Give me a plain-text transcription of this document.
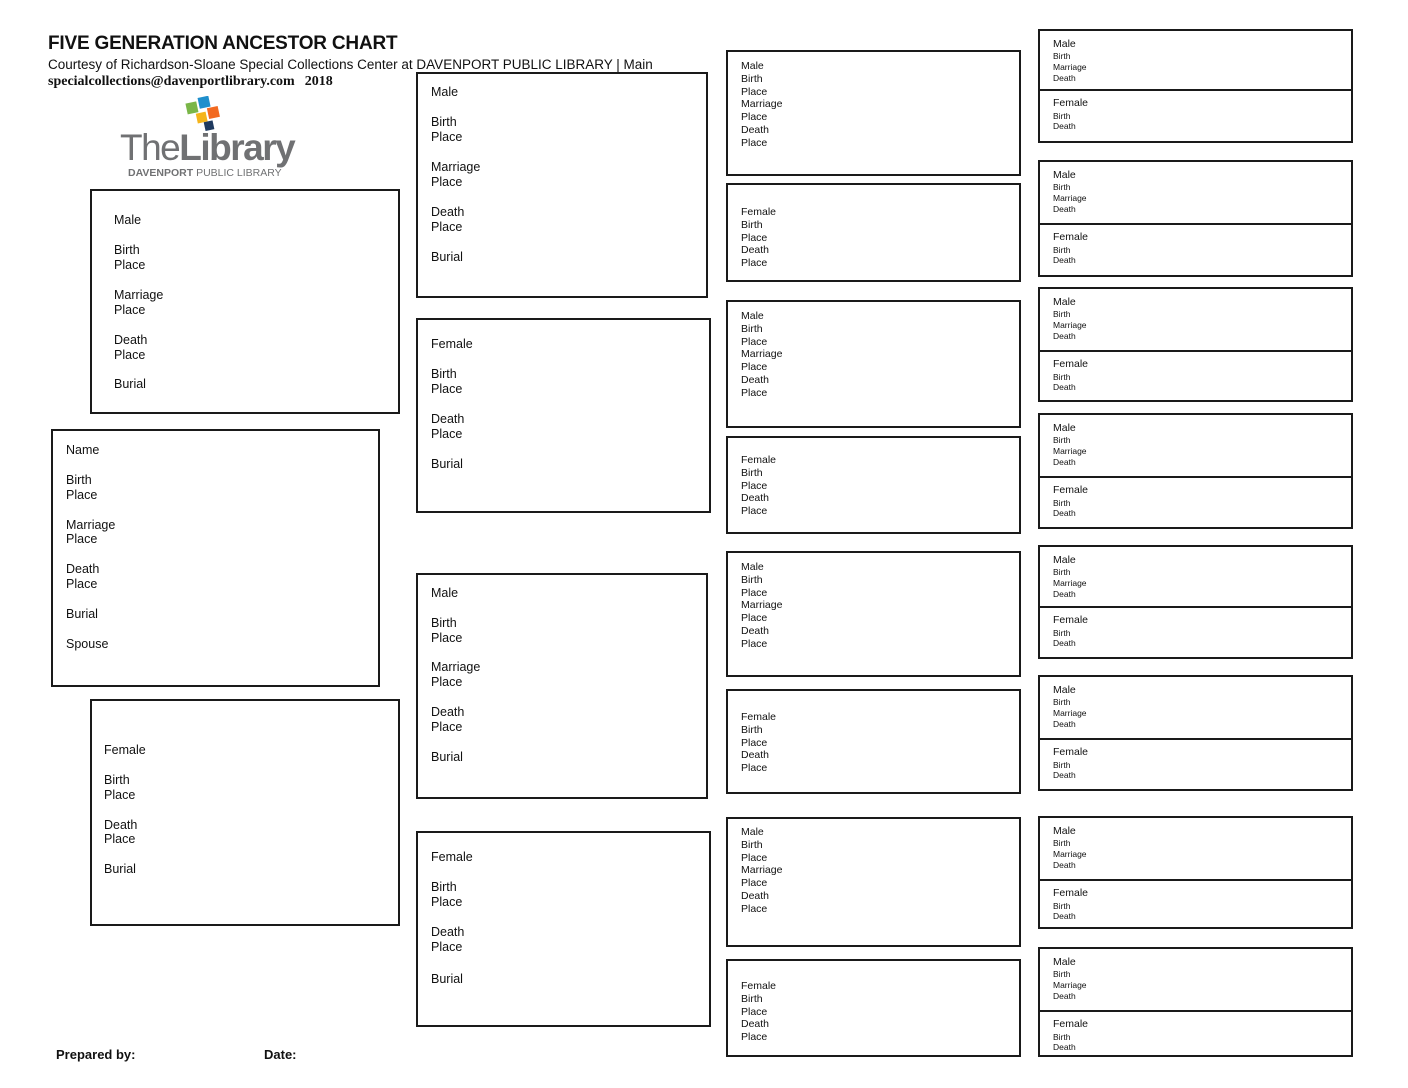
FIVE GENERATION ANCESTOR CHART
Courtesy of Richardson-Sloane Special Collections Center at DAVENPORT PUBLIC LIBRARY | Main
specialcollections@davenportlibrary.com 2018
TheLibrary
DAVENPORT PUBLIC LIBRARY
Name
Birth
Place
Marriage
Place
Death
Place
Burial
Spouse
Male
Birth
Place
Marriage
Place
Death
Place
Burial
Female
Birth
Place
Death
Place
Burial
Male
Birth
Place
Marriage
Place
Death
Place
Burial
Female
Birth
Place
Death
Place
Burial
Male
Birth
Place
Marriage
Place
Death
Place
Burial
Female
Birth
Place
Death
Place
Burial
Male
Birth
Place
Marriage
Place
Death
Place
Female
Birth
Place
Death
Place
Male
Birth
Place
Marriage
Place
Death
Place
Female
Birth
Place
Death
Place
Male
Birth
Place
Marriage
Place
Death
Place
Female
Birth
Place
Death
Place
Male
Birth
Place
Marriage
Place
Death
Place
Female
Birth
Place
Death
Place
Male
Birth
Marriage
Death
Female
Birth
Death
Male
Birth
Marriage
Death
Female
Birth
Death
Male
Birth
Marriage
Death
Female
Birth
Death
Male
Birth
Marriage
Death
Female
Birth
Death
Male
Birth
Marriage
Death
Female
Birth
Death
Male
Birth
Marriage
Death
Female
Birth
Death
Male
Birth
Marriage
Death
Female
Birth
Death
Male
Birth
Marriage
Death
Female
Birth
Death
Prepared by:	Date:
